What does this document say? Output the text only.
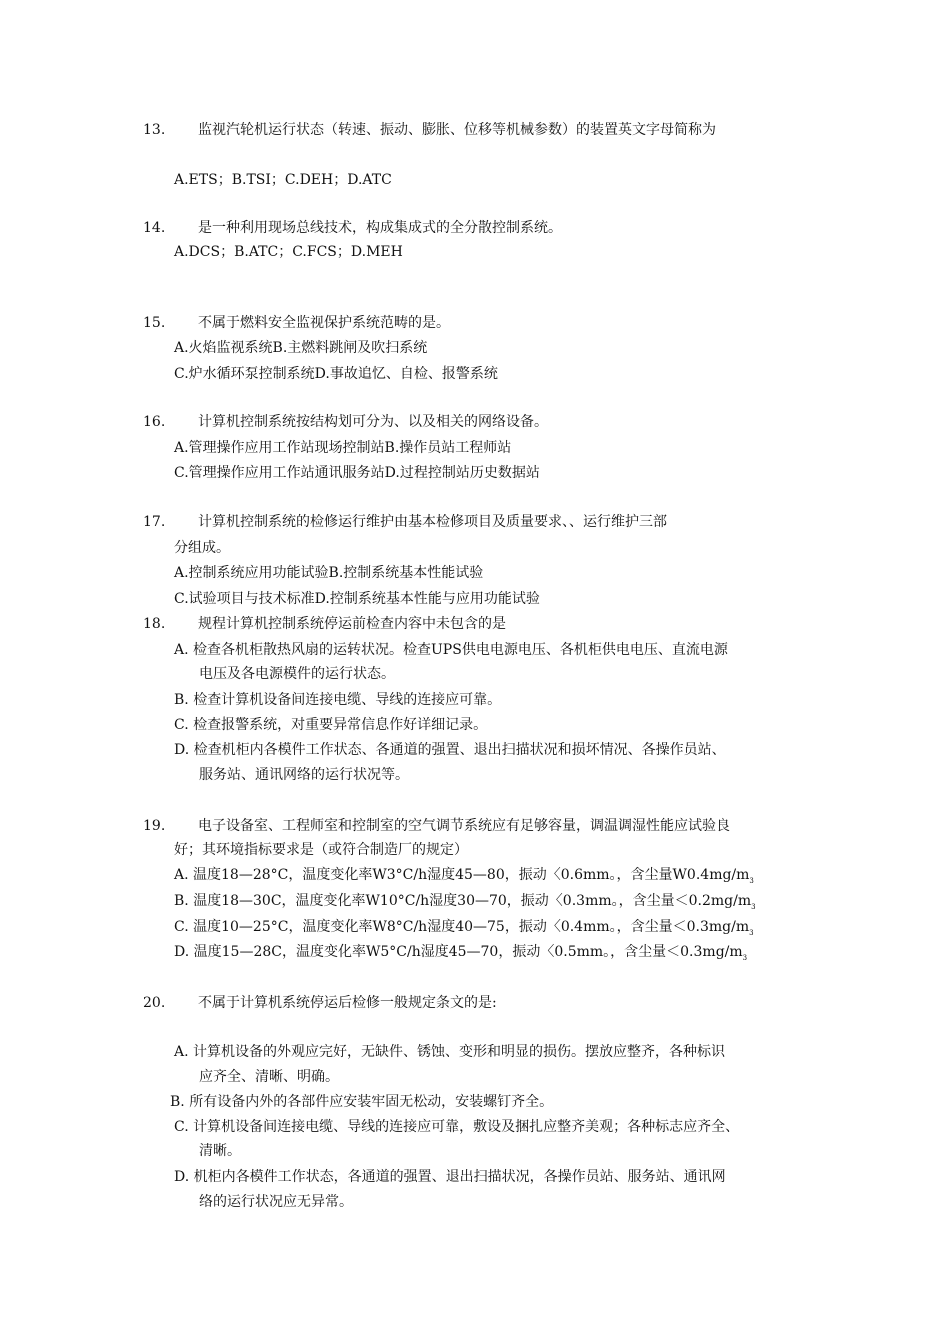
13. 监视汽轮机运行状态（转速、振动、膨胀、位移等机械参数）的装置英文字母简称为
A.ETS；B.TSI；C.DEH；D.ATC
14. 是一种利用现场总线技术，构成集成式的全分散控制系统。
A.DCS；B.ATC；C.FCS；D.MEH
15. 不属于燃料安全监视保护系统范畴的是。
A.火焰监视系统B.主燃料跳闸及吹扫系统
C.炉水循环泵控制系统D.事故追忆、自检、报警系统
16. 计算机控制系统按结构划可分为、以及相关的网络设备。
A.管理操作应用工作站现场控制站B.操作员站工程师站
C.管理操作应用工作站通讯服务站D.过程控制站历史数据站
17. 计算机控制系统的检修运行维护由基本检修项目及质量要求、、运行维护三部
分组成。
A.控制系统应用功能试验B.控制系统基本性能试验
C.试验项目与技术标准D.控制系统基本性能与应用功能试验
18. 规程计算机控制系统停运前检查内容中未包含的是
A. 检查各机柜散热风扇的运转状况。检查UPS供电电源电压、各机柜供电电压、直流电源
电压及各电源模件的运行状态。
B. 检查计算机设备间连接电缆、导线的连接应可靠。
C. 检查报警系统，对重要异常信息作好详细记录。
D. 检查机柜内各模件工作状态、各通道的强置、退出扫描状况和损坏情况、各操作员站、
服务站、通讯网络的运行状况等。
19. 电子设备室、工程师室和控制室的空气调节系统应有足够容量，调温调湿性能应试验良
好；其环境指标要求是（或符合制造厂的规定）
A. 温度18—28°C，温度变化率W3°C/h湿度45—80，振动〈0.6mm。，含尘量$W0.4mg/m_3$
B. 温度18—30C，温度变化率W10°C/h湿度30—70，振动〈0.3mm。，含尘量$<0.2mg/m_3$
C. 温度10—25°C，温度变化率W8°C/h湿度40—75，振动〈0.4mm。，含尘量$<0.3mg/m_3$
D. 温度15—28C，温度变化率W5°C/h湿度45—70，振动〈0.5mm。，含尘量$<0.3mg/m_3$
20. 不属于计算机系统停运后检修一般规定条文的是:
A. 计算机设备的外观应完好，无缺件、锈蚀、变形和明显的损伤。摆放应整齐，各种标识
应齐全、清晰、明确。
B. 所有设备内外的各部件应安装牢固无松动，安装螺钉齐全。
C. 计算机设备间连接电缆、导线的连接应可靠，敷设及捆扎应整齐美观；各种标志应齐全、
清晰。
D. 机柜内各模件工作状态，各通道的强置、退出扫描状况，各操作员站、服务站、通讯网
络的运行状况应无异常。
